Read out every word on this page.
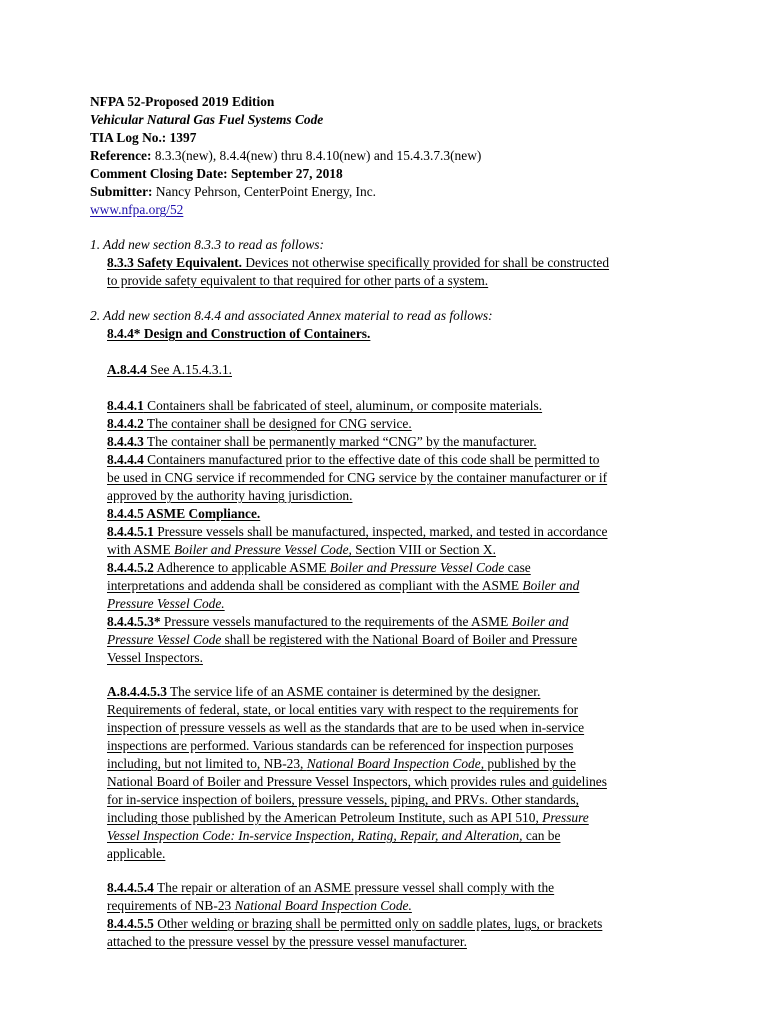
NFPA 52-Proposed 2019 Edition
Vehicular Natural Gas Fuel Systems Code
TIA Log No.: 1397
Reference: 8.3.3(new), 8.4.4(new) thru 8.4.10(new) and 15.4.3.7.3(new)
Comment Closing Date: September 27, 2018
Submitter: Nancy Pehrson, CenterPoint Energy, Inc.
www.nfpa.org/52
1. Add new section 8.3.3 to read as follows:
8.3.3 Safety Equivalent. Devices not otherwise specifically provided for shall be constructed
to provide safety equivalent to that required for other parts of a system.
2. Add new section 8.4.4 and associated Annex material to read as follows:
8.4.4* Design and Construction of Containers.
A.8.4.4 See A.15.4.3.1.
8.4.4.1 Containers shall be fabricated of steel, aluminum, or composite materials.
8.4.4.2 The container shall be designed for CNG service.
8.4.4.3 The container shall be permanently marked “CNG” by the manufacturer.
8.4.4.4 Containers manufactured prior to the effective date of this code shall be permitted to
be used in CNG service if recommended for CNG service by the container manufacturer or if
approved by the authority having jurisdiction.
8.4.4.5 ASME Compliance.
8.4.4.5.1 Pressure vessels shall be manufactured, inspected, marked, and tested in accordance
with ASME Boiler and Pressure Vessel Code, Section VIII or Section X.
8.4.4.5.2 Adherence to applicable ASME Boiler and Pressure Vessel Code case
interpretations and addenda shall be considered as compliant with the ASME Boiler and
Pressure Vessel Code.
8.4.4.5.3* Pressure vessels manufactured to the requirements of the ASME Boiler and
Pressure Vessel Code shall be registered with the National Board of Boiler and Pressure
Vessel Inspectors.
A.8.4.4.5.3 The service life of an ASME container is determined by the designer.
Requirements of federal, state, or local entities vary with respect to the requirements for
inspection of pressure vessels as well as the standards that are to be used when in-service
inspections are performed. Various standards can be referenced for inspection purposes
including, but not limited to, NB-23, National Board Inspection Code, published by the
National Board of Boiler and Pressure Vessel Inspectors, which provides rules and guidelines
for in-service inspection of boilers, pressure vessels, piping, and PRVs. Other standards,
including those published by the American Petroleum Institute, such as API 510, Pressure
Vessel Inspection Code: In-service Inspection, Rating, Repair, and Alteration, can be
applicable.
8.4.4.5.4 The repair or alteration of an ASME pressure vessel shall comply with the
requirements of NB-23 National Board Inspection Code.
8.4.4.5.5 Other welding or brazing shall be permitted only on saddle plates, lugs, or brackets
attached to the pressure vessel by the pressure vessel manufacturer.
